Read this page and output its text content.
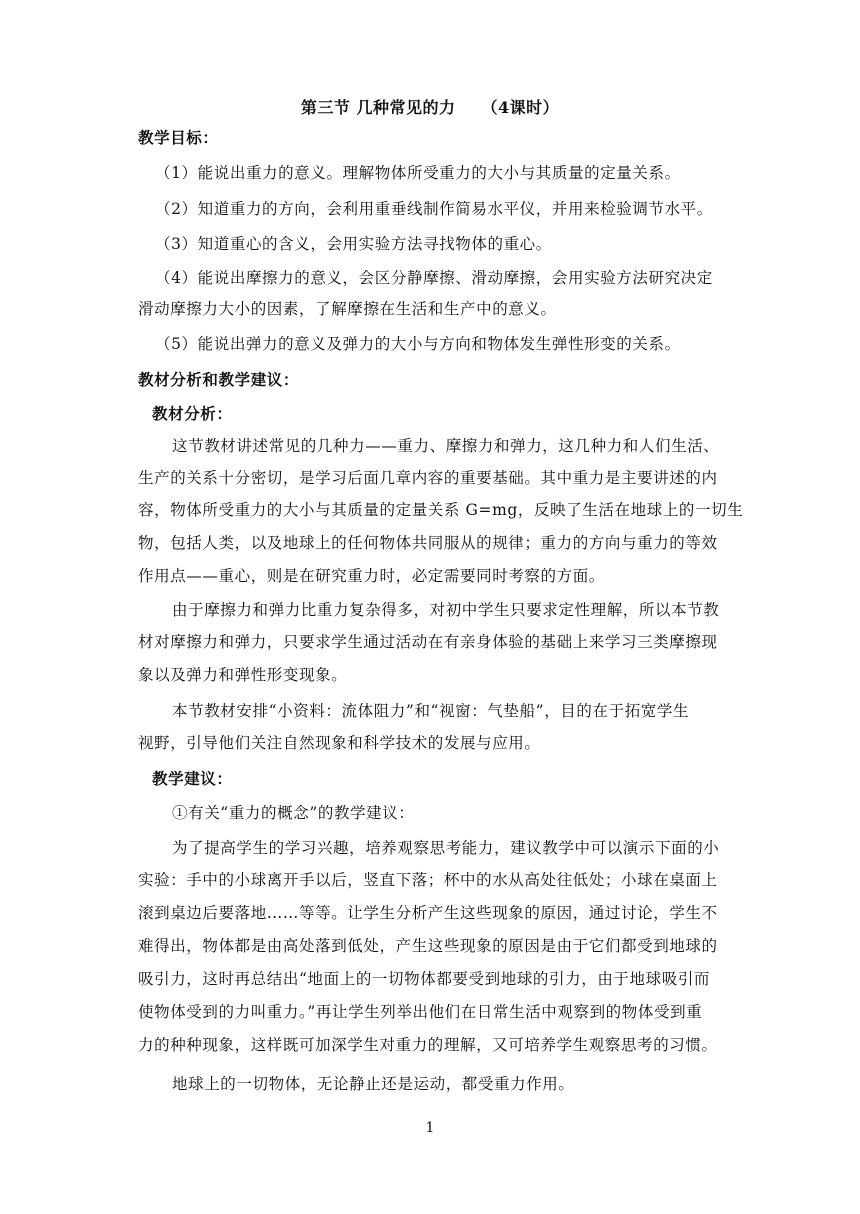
第三节 几种常见的力 （4课时）
教学目标：
（1）能说出重力的意义。理解物体所受重力的大小与其质量的定量关系。
（2）知道重力的方向，会利用重垂线制作简易水平仪，并用来检验调节水平。
（3）知道重心的含义，会用实验方法寻找物体的重心。
（4）能说出摩擦力的意义，会区分静摩擦、滑动摩擦，会用实验方法研究决定
滑动摩擦力大小的因素，了解摩擦在生活和生产中的意义。
（5）能说出弹力的意义及弹力的大小与方向和物体发生弹性形变的关系。
教材分析和教学建议：
教材分析：
这节教材讲述常见的几种力——重力、摩擦力和弹力，这几种力和人们生活、
生产的关系十分密切，是学习后面几章内容的重要基础。其中重力是主要讲述的内
容，物体所受重力的大小与其质量的定量关系 G=mg，反映了生活在地球上的一切生
物，包括人类，以及地球上的任何物体共同服从的规律；重力的方向与重力的等效
作用点——重心，则是在研究重力时，必定需要同时考察的方面。
由于摩擦力和弹力比重力复杂得多，对初中学生只要求定性理解，所以本节教
材对摩擦力和弹力，只要求学生通过活动在有亲身体验的基础上来学习三类摩擦现
象以及弹力和弹性形变现象。
本节教材安排“小资料：流体阻力”和“视窗：气垫船”，目的在于拓宽学生
视野，引导他们关注自然现象和科学技术的发展与应用。
教学建议：
①有关“重力的概念”的教学建议：
为了提高学生的学习兴趣，培养观察思考能力，建议教学中可以演示下面的小
实验：手中的小球离开手以后，竖直下落；杯中的水从高处往低处；小球在桌面上
滚到桌边后要落地……等等。让学生分析产生这些现象的原因，通过讨论，学生不
难得出，物体都是由高处落到低处，产生这些现象的原因是由于它们都受到地球的
吸引力，这时再总结出“地面上的一切物体都要受到地球的引力，由于地球吸引而
使物体受到的力叫重力。”再让学生列举出他们在日常生活中观察到的物体受到重
力的种种现象，这样既可加深学生对重力的理解，又可培养学生观察思考的习惯。
地球上的一切物体，无论静止还是运动，都受重力作用。
1
